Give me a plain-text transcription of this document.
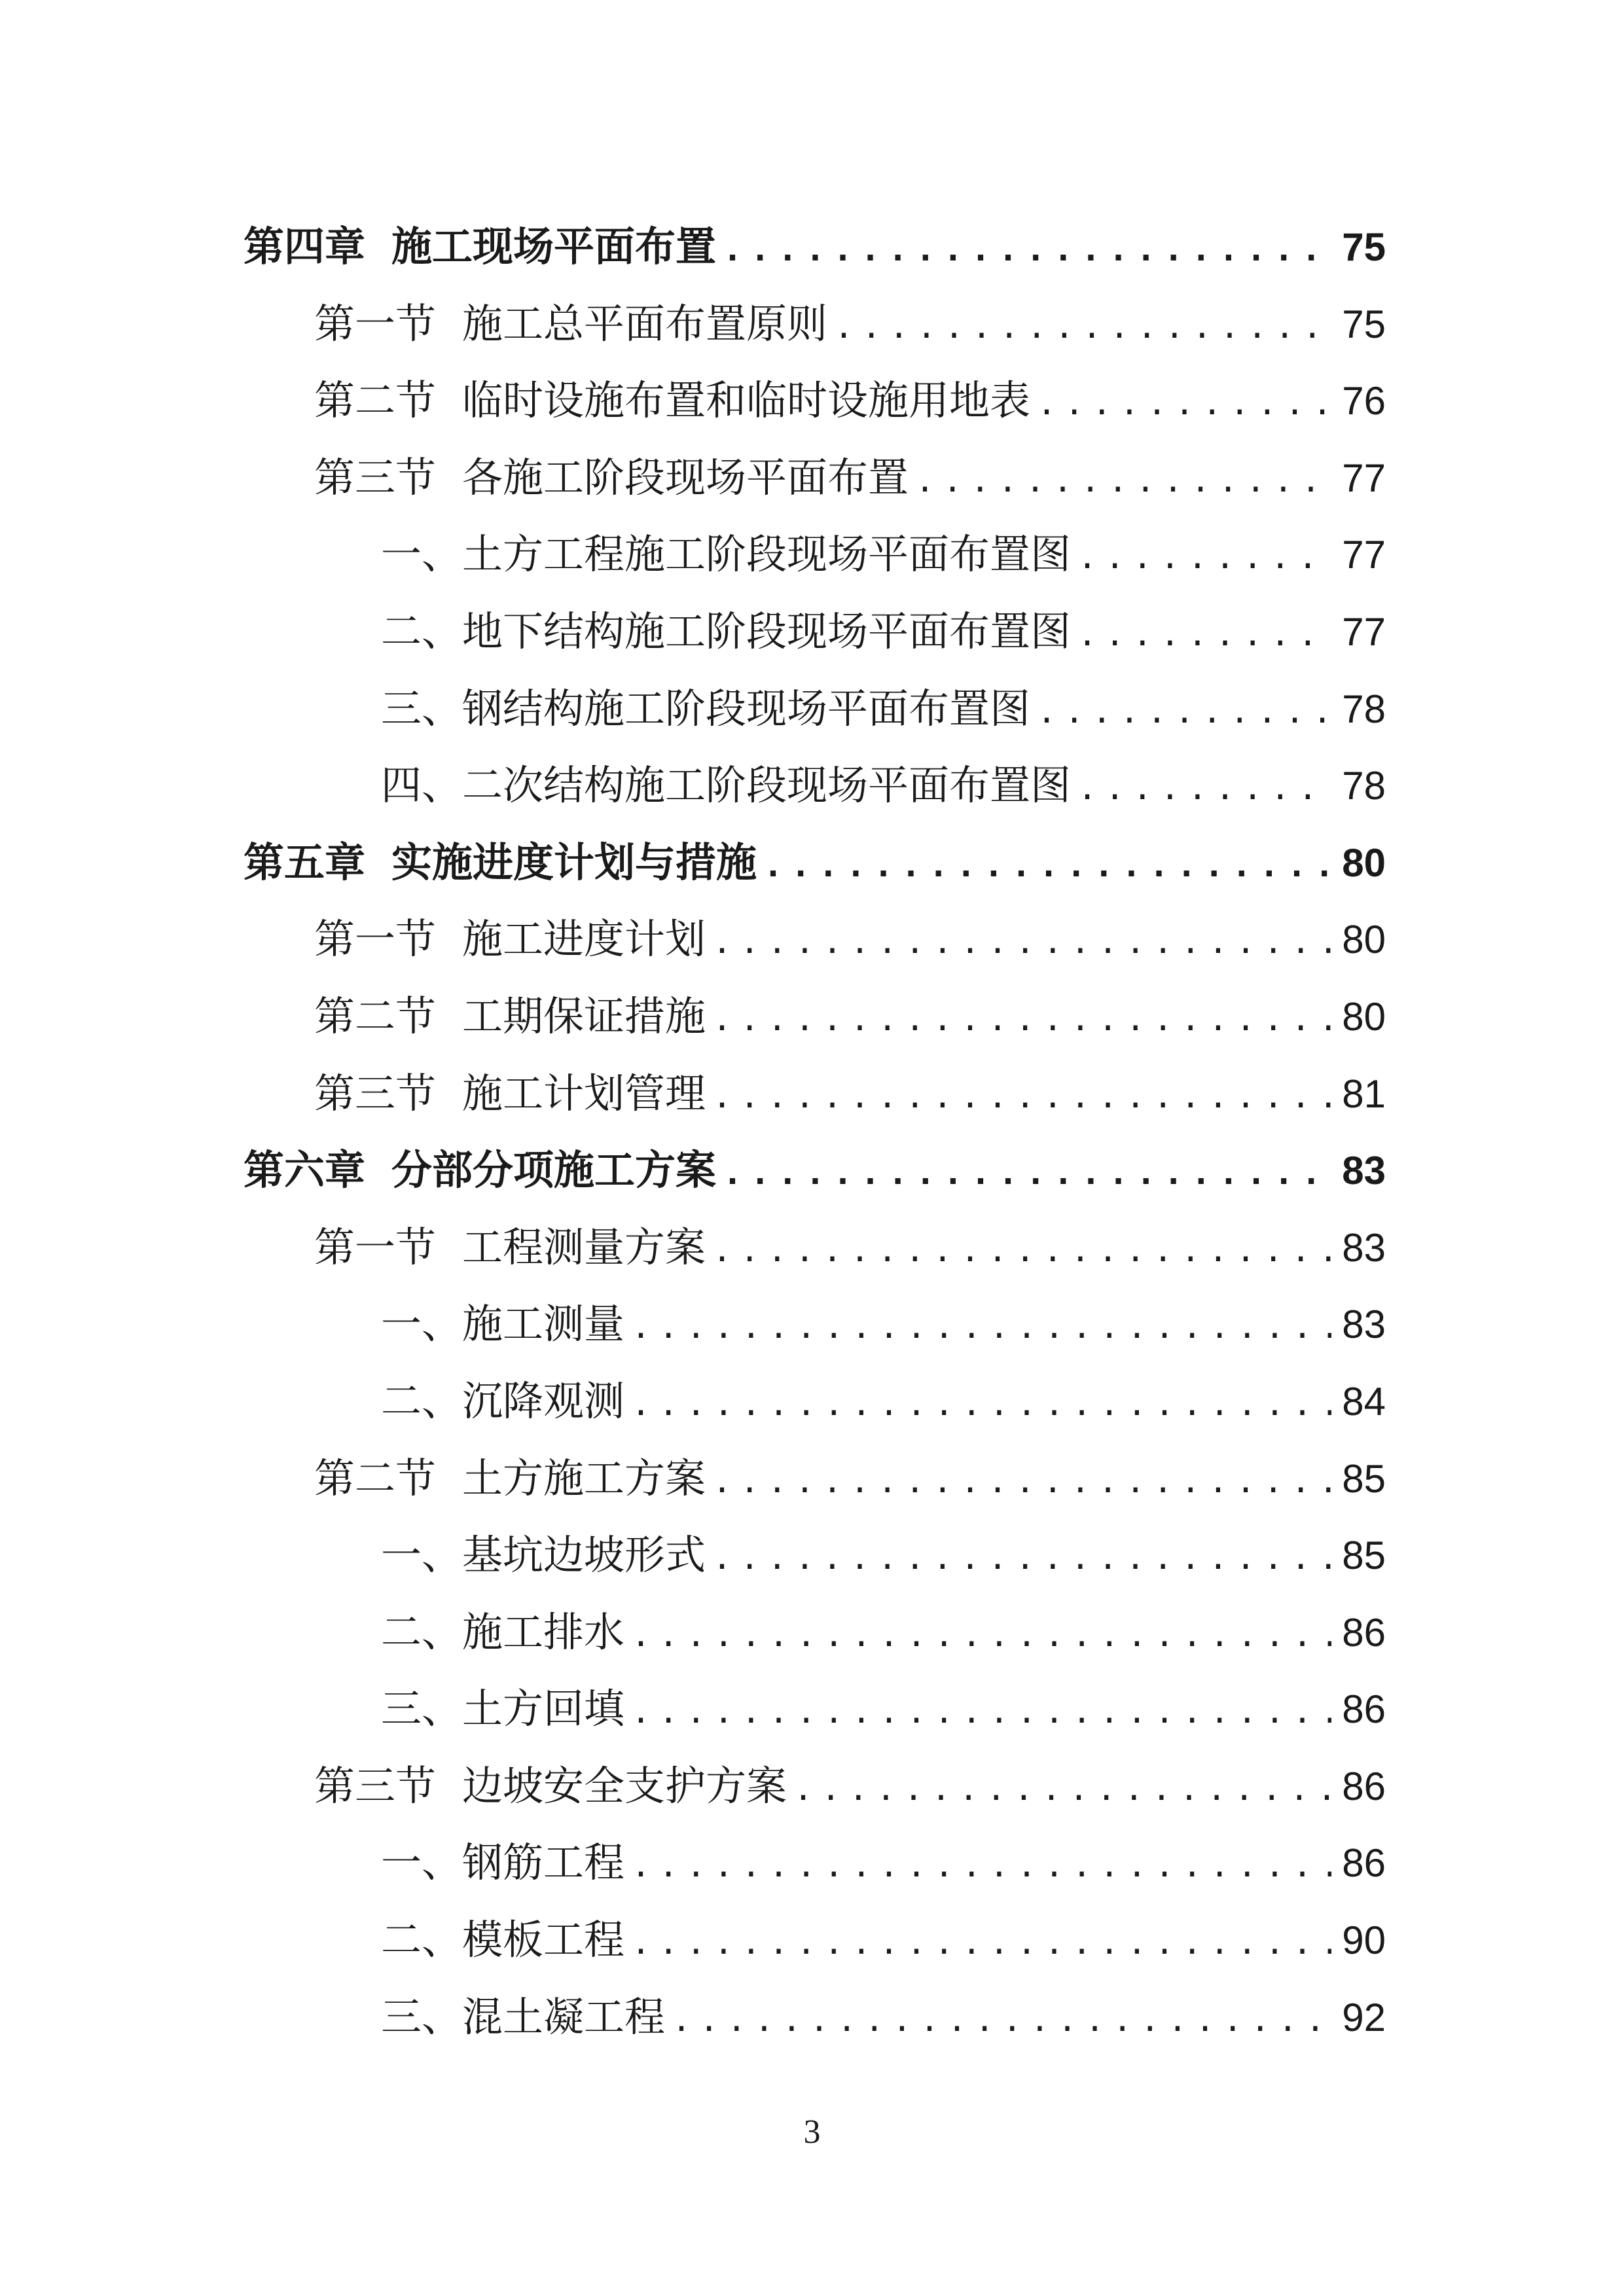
第四章 施工现场平面布置 .....	75
第一节 施工总平面布置原则 .....	75
第二节 临时设施布置和临时设施用地表 .....	76
第三节 各施工阶段现场平面布置 .....	77
一、土方工程施工阶段现场平面布置图 .....	77
二、地下结构施工阶段现场平面布置图 .....	77
三、钢结构施工阶段现场平面布置图 .....	78
四、二次结构施工阶段现场平面布置图 .....	78
第五章 实施进度计划与措施 .....	80
第一节 施工进度计划 .....	80
第二节 工期保证措施 .....	80
第三节 施工计划管理 .....	81
第六章 分部分项施工方案 .....	83
第一节 工程测量方案 .....	83
一、施工测量 .....	83
二、沉降观测 .....	84
第二节 土方施工方案 .....	85
一、基坑边坡形式 .....	85
二、施工排水 .....	86
三、土方回填 .....	86
第三节 边坡安全支护方案 .....	86
一、钢筋工程 .....	86
二、模板工程 .....	90
三、混土凝工程 .....	92
3
